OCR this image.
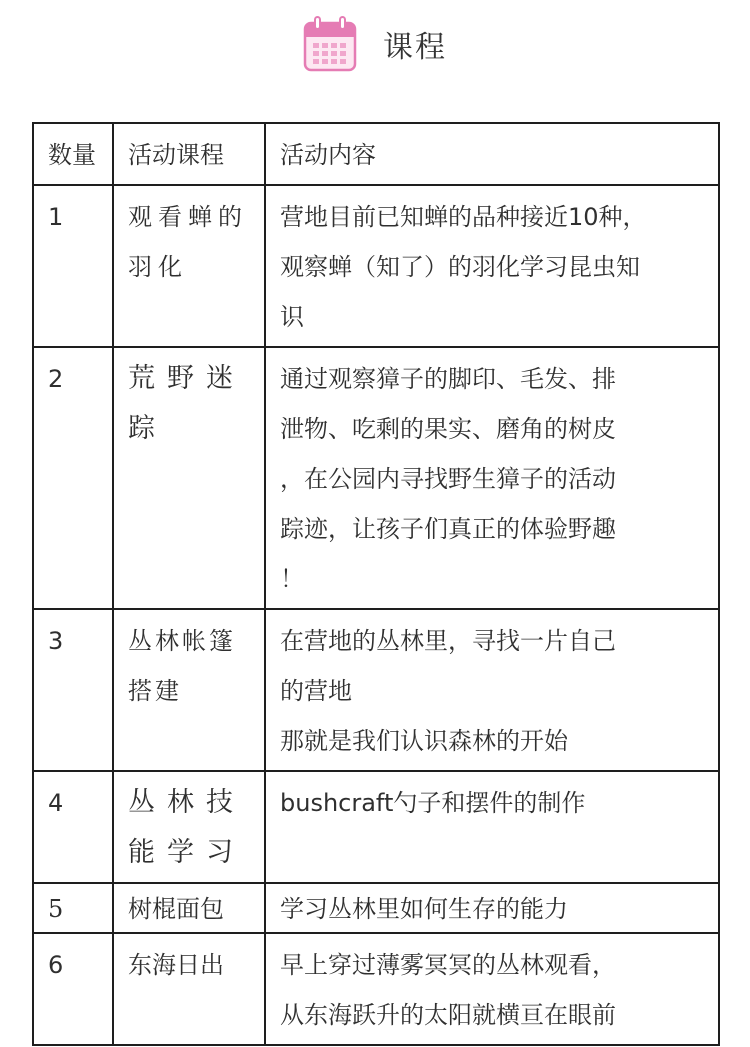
课程
数量	活动课程	活动内容
1	观看蝉的羽化	营地目前已知蝉的品种接近10种，
观察蝉（知了）的羽化学习昆虫知
识

2	荒野迷踪	通过观察獐子的脚印、毛发、排
泄物、吃剩的果实、磨角的树皮
，在公园内寻找野生獐子的活动
踪迹，让孩子们真正的体验野趣
！

3	丛林帐篷搭建	在营地的丛林里，寻找一片自己
的营地
那就是我们认识森林的开始

4	丛林技能学习	bushcraft勺子和摆件的制作

5	树棍面包	学习丛林里如何生存的能力

6	东海日出	早上穿过薄雾冥冥的丛林观看，
从东海跃升的太阳就横亘在眼前
